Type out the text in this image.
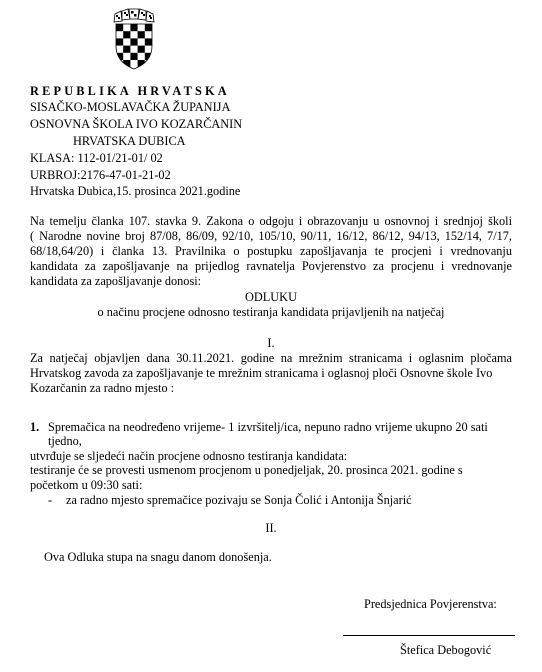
REPUBLIKA HRVATSKA
SISAČKO-MOSLAVAČKA ŽUPANIJA
OSNOVNA ŠKOLA IVO KOZARČANIN
HRVATSKA DUBICA
KLASA: 112-01/21-01/ 02
URBROJ:2176-47-01-21-02
Hrvatska Dubica,15. prosinca 2021.godine
Na temelju članka 107. stavka 9. Zakona o odgoju i obrazovanju u osnovnoj i srednjoj školi
( Narodne novine broj 87/08, 86/09, 92/10, 105/10, 90/11, 16/12, 86/12, 94/13, 152/14, 7/17,
68/18,64/20) i članka 13. Pravilnika o postupku zapošljavanja te procjeni i vrednovanju
kandidata za zapošljavanje na prijedlog ravnatelja Povjerenstvo za procjenu i vrednovanje
kandidata za zapošljavanje donosi:
ODLUKU
o načinu procjene odnosno testiranja kandidata prijavljenih na natječaj
I.
Za natječaj objavljen dana 30.11.2021. godine na mrežnim stranicama i oglasnim pločama
Hrvatskog zavoda za zapošljavanje te mrežnim stranicama i oglasnoj ploči Osnovne škole Ivo
Kozarčanin za radno mjesto :
1. Spremačica na neodređeno vrijeme- 1 izvršitelj/ica, nepuno radno vrijeme ukupno 20 sati
tjedno,
utvrđuje se sljedeći način procjene odnosno testiranja kandidata:
testiranje će se provesti usmenom procjenom u ponedjeljak, 20. prosinca 2021. godine s
početkom u 09:30 sati:
- za radno mjesto spremačice pozivaju se Sonja Čolić i Antonija Šnjarić
II.
Ova Odluka stupa na snagu danom donošenja.
Predsjednica Povjerenstva:
Štefica Debogović
